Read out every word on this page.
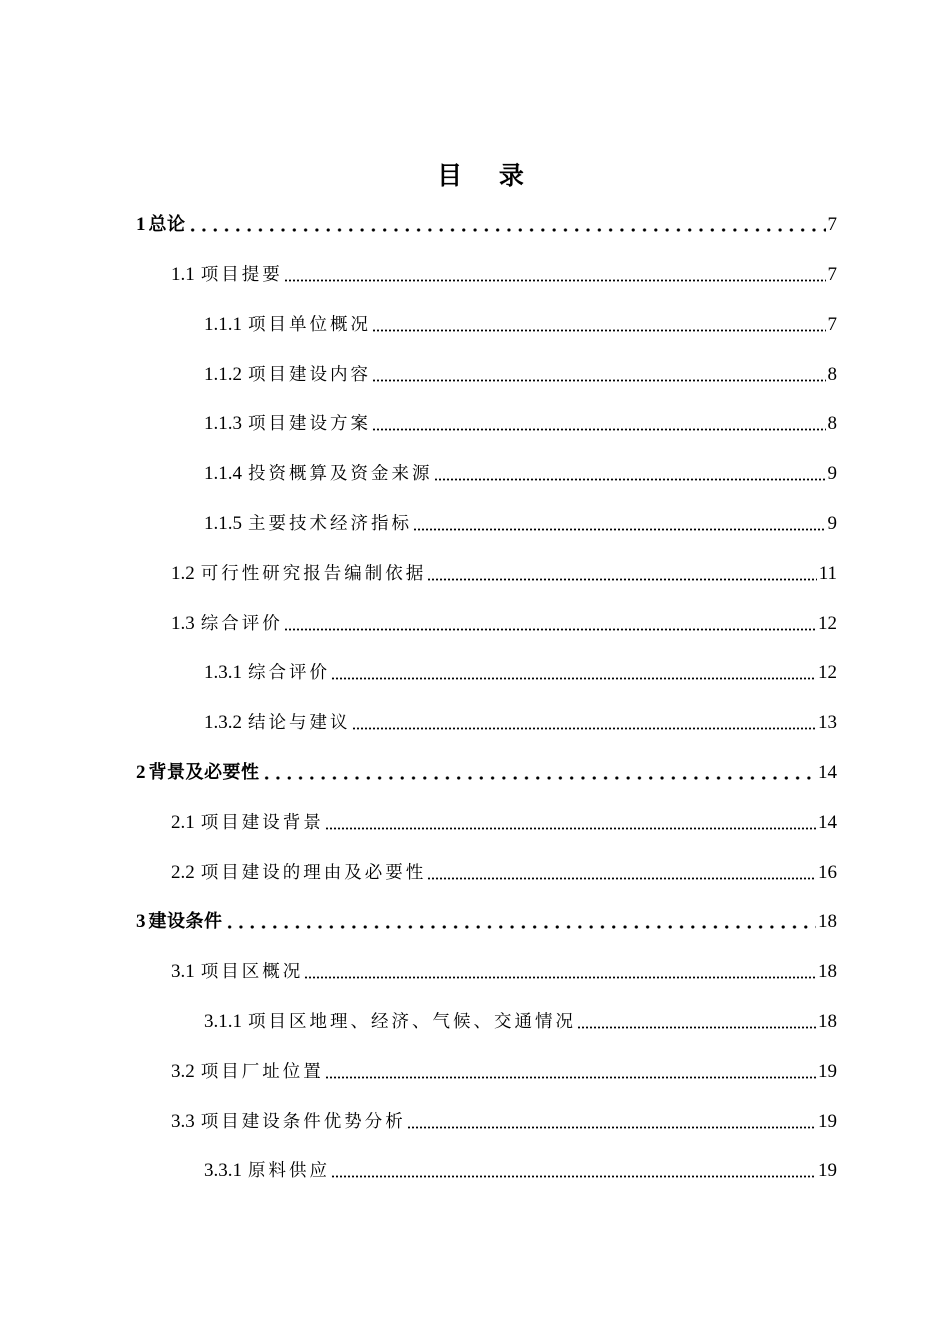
目 录
1 总论	7
1.1 项目提要	7
1.1.1 项目单位概况	7
1.1.2 项目建设内容	8
1.1.3 项目建设方案	8
1.1.4 投资概算及资金来源	9
1.1.5 主要技术经济指标	9
1.2 可行性研究报告编制依据	11
1.3 综合评价	12
1.3.1 综合评价	12
1.3.2 结论与建议	13
2 背景及必要性	14
2.1 项目建设背景	14
2.2 项目建设的理由及必要性	16
3 建设条件	18
3.1 项目区概况	18
3.1.1 项目区地理、经济、气候、交通情况	18
3.2 项目厂址位置	19
3.3 项目建设条件优势分析	19
3.3.1 原料供应	19
